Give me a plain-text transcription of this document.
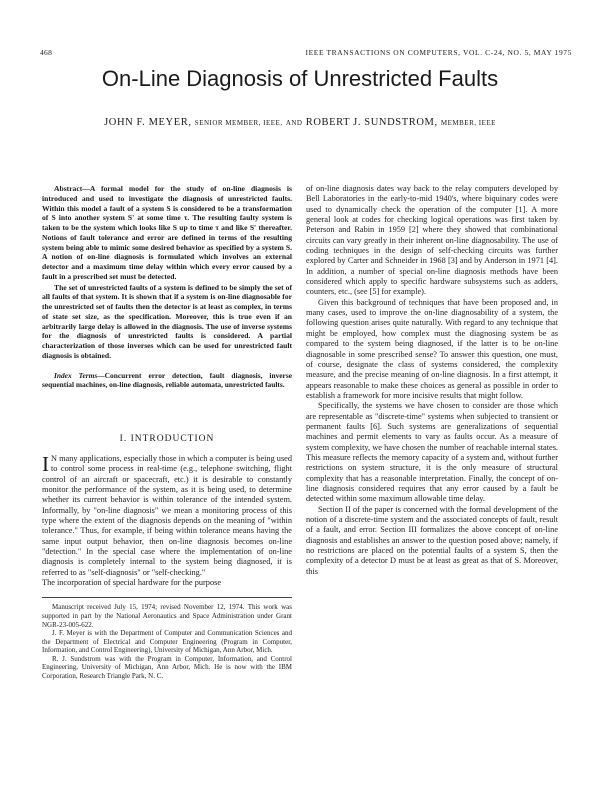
468	IEEE TRANSACTIONS ON COMPUTERS, VOL. C-24, NO. 5, MAY 1975
On-Line Diagnosis of Unrestricted Faults
JOHN F. MEYER, SENIOR MEMBER, IEEE, AND ROBERT J. SUNDSTROM, MEMBER, IEEE

Abstract—A formal model for the study of on-line diagnosis is introduced and used to investigate the diagnosis of unrestricted faults. Within this model a fault of a system S is considered to be a transformation of S into another system S' at some time τ. The resulting faulty system is taken to be the system which looks like S up to time τ and like S' thereafter. Notions of fault tolerance and error are defined in terms of the resulting system being able to mimic some desired behavior as specified by a system S. A notion of on-line diagnosis is formulated which involves an external detector and a maximum time delay within which every error caused by a fault in a prescribed set must be detected.

The set of unrestricted faults of a system is defined to be simply the set of all faults of that system. It is shown that if a system is on-line diagnosable for the unrestricted set of faults then the detector is at least as complex, in terms of state set size, as the specification. Moreover, this is true even if an arbitrarily large delay is allowed in the diagnosis. The use of inverse systems for the diagnosis of unrestricted faults is considered. A partial characterization of those inverses which can be used for unrestricted fault diagnosis is obtained.

Index Terms—Concurrent error detection, fault diagnosis, inverse sequential machines, on-line diagnosis, reliable automata, unrestricted faults.

I. INTRODUCTION

I N many applications, especially those in which a computer is being used to control some process in real-time (e.g., telephone switching, flight control of an aircraft or spacecraft, etc.) it is desirable to constantly monitor the performance of the system, as it is being used, to determine whether its current behavior is within tolerance of the intended system. Informally, by "on-line diagnosis" we mean a monitoring process of this type where the extent of the diagnosis depends on the meaning of "within tolerance." Thus, for example, if being within tolerance means having the same input output behavior, then on-line diagnosis becomes on-line "detection." In the special case where the implementation of on-line diagnosis is completely internal to the system being diagnosed, it is referred to as "self-diagnosis" or "self-checking."

The incorporation of special hardware for the purpose

Manuscript received July 15, 1974; revised November 12, 1974. This work was supported in part by the National Aeronautics and Space Administration under Grant NGR-23-005-622.

J. F. Meyer is with the Department of Computer and Communication Sciences and the Department of Electrical and Computer Engineering (Program in Computer, Information, and Control Engineering), University of Michigan, Ann Arbor, Mich.

R. J. Sundstrom was with the Program in Computer, Information, and Control Engineering, University of Michigan, Ann Arbor, Mich. He is now with the IBM Corporation, Research Triangle Park, N. C.

of on-line diagnosis dates way back to the relay computers developed by Bell Laboratories in the early-to-mid 1940's, where biquinary codes were used to dynamically check the operation of the computer [1]. A more general look at codes for checking logical operations was first taken by Peterson and Rabin in 1959 [2] where they showed that combinational circuits can vary greatly in their inherent on-line diagnosability. The use of coding techniques in the design of self-checking circuits was further explored by Carter and Schneider in 1968 [3] and by Anderson in 1971 [4]. In addition, a number of special on-line diagnosis methods have been considered which apply to specific hardware subsystems such as adders, counters, etc., (see [5] for example).

Given this background of techniques that have been proposed and, in many cases, used to improve the on-line diagnosability of a system, the following question arises quite naturally. With regard to any technique that might be employed, how complex must the diagnosing system be as compared to the system being diagnosed, if the latter is to be on-line diagnosable in some prescribed sense? To answer this question, one must, of course, designate the class of systems considered, the complexity measure, and the precise meaning of on-line diagnosis. In a first attempt, it appears reasonable to make these choices as general as possible in order to establish a framework for more incisive results that might follow.

Specifically, the systems we have chosen to consider are those which are representable as "discrete-time" systems when subjected to transient or permanent faults [6]. Such systems are generalizations of sequential machines and permit elements to vary as faults occur. As a measure of system complexity, we have chosen the number of reachable internal states. This measure reflects the memory capacity of a system and, without further restrictions on system structure, it is the only measure of structural complexity that has a reasonable interpretation. Finally, the concept of on-line diagnosis considered requires that any error caused by a fault be detected within some maximum allowable time delay.

Section II of the paper is concerned with the formal development of the notion of a discrete-time system and the associated concepts of fault, result of a fault, and error. Section III formalizes the above concept of on-line diagnosis and establishes an answer to the question posed above; namely, if no restrictions are placed on the potential faults of a system S, then the complexity of a detector D must be at least as great as that of S. Moreover, this
